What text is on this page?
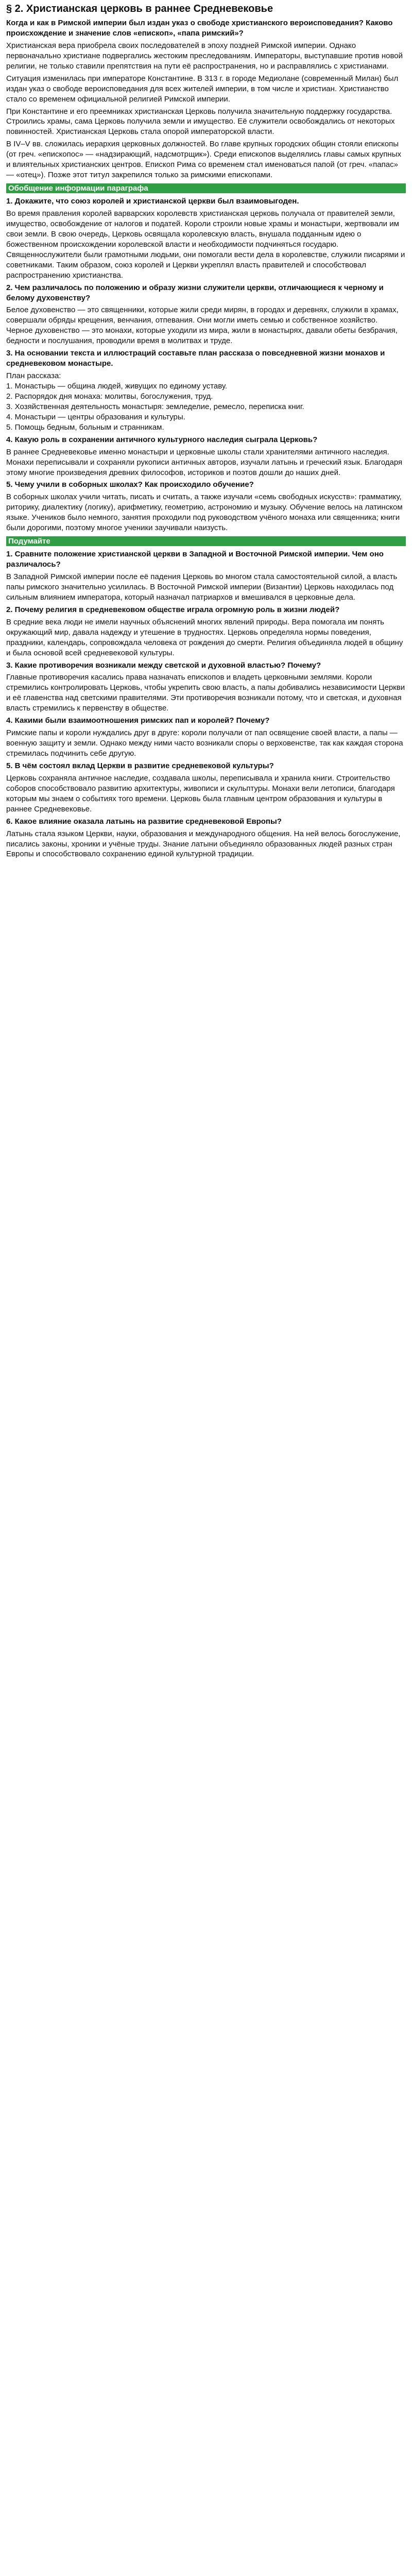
§ 2. Христианская церковь в раннее Средневековье

Когда и как в Римской империи был издан указ о свободе христианского вероисповедания? Каково происхождение и значение слов «епископ», «папа римский»?

Христианская вера приобрела своих последователей в эпоху поздней Римской империи. Однако первоначально христиане подвергались жестоким преследованиям. Императоры, выступавшие против новой религии, не только ставили препятствия на пути её распространения, но и расправлялись с христианами.

Ситуация изменилась при императоре Константине. В 313 г. в городе Медиолане (современный Милан) был издан указ о свободе вероисповедания для всех жителей империи, в том числе и христиан. Христианство стало со временем официальной религией Римской империи.

При Константине и его преемниках христианская Церковь получила значительную поддержку государства. Строились храмы, сама Церковь получила земли и имущество. Её служители освобождались от некоторых повинностей. Христианская Церковь стала опорой императорской власти.

В IV–V вв. сложилась иерархия церковных должностей. Во главе крупных городских общин стояли епископы (от греч. «епископос» — «надзирающий, надсмотрщик»). Среди епископов выделялись главы самых крупных и влиятельных христианских центров. Епископ Рима со временем стал именоваться папой (от греч. «папас» — «отец»). Позже этот титул закрепился только за римскими епископами.

Обобщение информации параграфа

1. Докажите, что союз королей и христианской церкви был взаимовыгоден.

Во время правления королей варварских королевств христианская церковь получала от правителей земли, имущество, освобождение от налогов и податей. Короли строили новые храмы и монастыри, жертвовали им свои земли. В свою очередь, Церковь освящала королевскую власть, внушала подданным идею о божественном происхождении королевской власти и необходимости подчиняться государю. Священнослужители были грамотными людьми, они помогали вести дела в королевстве, служили писарями и советниками. Таким образом, союз королей и Церкви укреплял власть правителей и способствовал распространению христианства.

2. Чем различалось по положению и образу жизни служители церкви, отличающиеся к черному и белому духовенству?

Белое духовенство — это священники, которые жили среди мирян, в городах и деревнях, служили в храмах, совершали обряды крещения, венчания, отпевания. Они могли иметь семью и собственное хозяйство. Черное духовенство — это монахи, которые уходили из мира, жили в монастырях, давали обеты безбрачия, бедности и послушания, проводили время в молитвах и труде.

3. На основании текста и иллюстраций составьте план рассказа о повседневной жизни монахов и средневековом монастыре.

План рассказа:
1. Монастырь — община людей, живущих по единому уставу.
2. Распорядок дня монаха: молитвы, богослужения, труд.
3. Хозяйственная деятельность монастыря: земледелие, ремесло, переписка книг.
4. Монастыри — центры образования и культуры.
5. Помощь бедным, больным и странникам.

4. Какую роль в сохранении античного культурного наследия сыграла Церковь?

В раннее Средневековье именно монастыри и церковные школы стали хранителями античного наследия. Монахи переписывали и сохраняли рукописи античных авторов, изучали латынь и греческий язык. Благодаря этому многие произведения древних философов, историков и поэтов дошли до наших дней.

5. Чему учили в соборных школах? Как происходило обучение?

В соборных школах учили читать, писать и считать, а также изучали «семь свободных искусств»: грамматику, риторику, диалектику (логику), арифметику, геометрию, астрономию и музыку. Обучение велось на латинском языке. Учеников было немного, занятия проходили под руководством учёного монаха или священника; книги были дорогими, поэтому многое ученики заучивали наизусть.

Подумайте

1. Сравните положение христианской церкви в Западной и Восточной Римской империи. Чем оно различалось?

В Западной Римской империи после её падения Церковь во многом стала самостоятельной силой, а власть папы римского значительно усилилась. В Восточной Римской империи (Византии) Церковь находилась под сильным влиянием императора, который назначал патриархов и вмешивался в церковные дела.

2. Почему религия в средневековом обществе играла огромную роль в жизни людей?

В средние века люди не имели научных объяснений многих явлений природы. Вера помогала им понять окружающий мир, давала надежду и утешение в трудностях. Церковь определяла нормы поведения, праздники, календарь, сопровождала человека от рождения до смерти. Религия объединяла людей в общину и была основой всей средневековой культуры.

3. Какие противоречия возникали между светской и духовной властью? Почему?

Главные противоречия касались права назначать епископов и владеть церковными землями. Короли стремились контролировать Церковь, чтобы укрепить свою власть, а папы добивались независимости Церкви и её главенства над светскими правителями. Эти противоречия возникали потому, что и светская, и духовная власть стремились к первенству в обществе.

4. Какими были взаимоотношения римских пап и королей? Почему?

Римские папы и короли нуждались друг в друге: короли получали от пап освящение своей власти, а папы — военную защиту и земли. Однако между ними часто возникали споры о верховенстве, так как каждая сторона стремилась подчинить себе другую.

5. В чём состоял вклад Церкви в развитие средневековой культуры?

Церковь сохраняла античное наследие, создавала школы, переписывала и хранила книги. Строительство соборов способствовало развитию архитектуры, живописи и скульптуры. Монахи вели летописи, благодаря которым мы знаем о событиях того времени. Церковь была главным центром образования и культуры в раннее Средневековье.

6. Какое влияние оказала латынь на развитие средневековой Европы?

Латынь стала языком Церкви, науки, образования и международного общения. На ней велось богослужение, писались законы, хроники и учёные труды. Знание латыни объединяло образованных людей разных стран Европы и способствовало сохранению единой культурной традиции.
